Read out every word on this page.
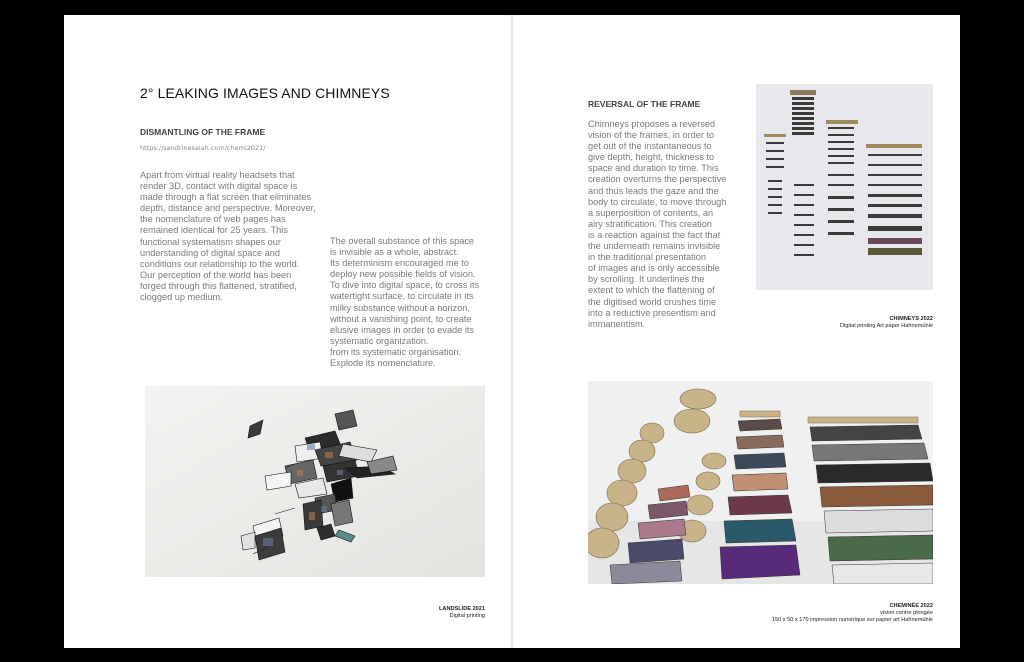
2° LEAKING IMAGES AND CHIMNEYS
DISMANTLING OF THE FRAME
https://sandrinesaiah.com/chemi2021/
Apart from virtual reality headsets that
render 3D, contact with digital space is
made through a flat screen that eliminates
depth, distance and perspective. Moreover,
the nomenclature of web pages has
remained identical for 25 years. This
functional systematism shapes our
understanding of digital space and
conditions our relationship to the world.
Our perception of the world has been
forged through this flattened, stratified,
clogged up medium.
The overall substance of this space
is invisible as a whole, abstract.
Its determinism encouraged me to
deploy new possible fields of vision.
To dive into digital space, to cross its
watertight surface, to circulate in its
milky substance without a horizon,
without a vanishing point, to create
elusive images in order to evade its
systematic organization.
from its systematic organisation.
Explode its nomenclature.
LANDSLIDE 2021
Digital printing
REVERSAL OF THE FRAME
Chimneys proposes a reversed
vision of the frames, in order to
get out of the instantaneous to
give depth, height, thickness to
space and duration to time. This
creation overturns the perspective
and thus leads the gaze and the
body to circulate, to move through
a superposition of contents, an
airy stratification. This creation
is a reaction against the fact that
the underneath remains invisible
in the traditional presentation
of images and is only accessible
by scrolling. It underlines the
extent to which the flattening of
the digitised world crushes time
into a reductive presentism and
immanentism.	CHIMNEYS 2022
Digital printing Art paper Hahnemühle
CHEMINÉE 2022
vision contre plongée
150 x 50 x 170 impression numérique sur papier art Hahnemühle
